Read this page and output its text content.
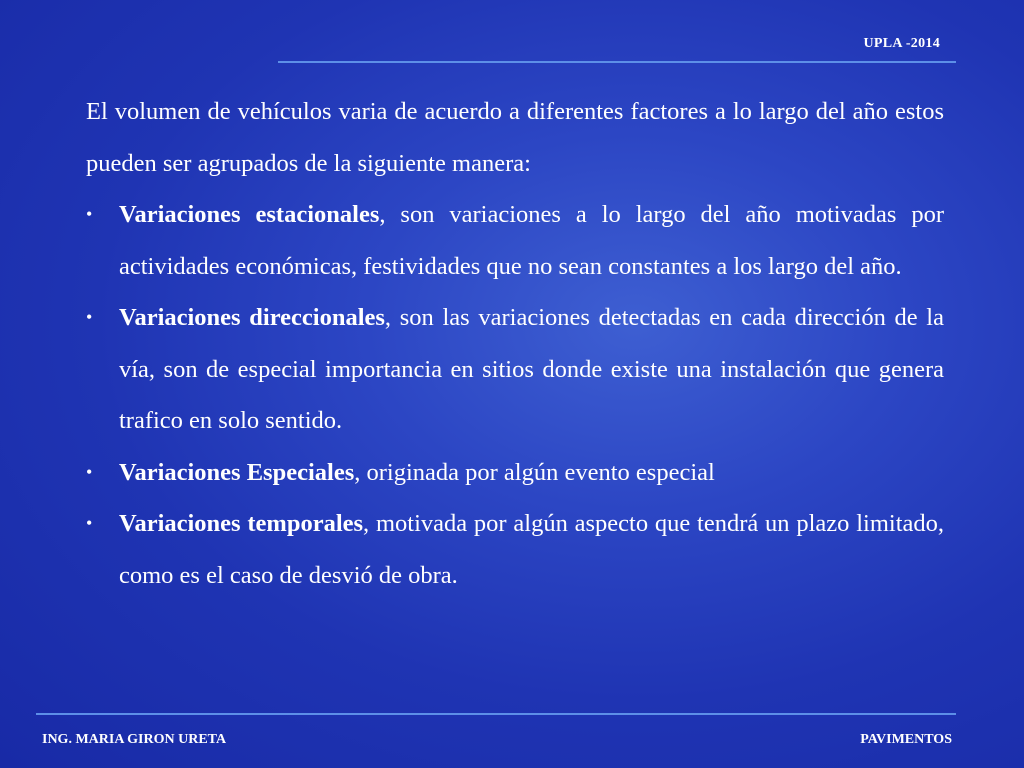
UPLA -2014

El volumen de vehículos varia de acuerdo a diferentes factores a lo largo del año estos pueden ser agrupados de la siguiente manera:

• Variaciones estacionales, son variaciones a lo largo del año motivadas por actividades económicas, festividades que no sean constantes a los largo del año.
• Variaciones direccionales, son las variaciones detectadas en cada dirección de la vía, son de especial importancia en sitios donde existe una instalación que genera trafico en solo sentido.
• Variaciones Especiales, originada por algún evento especial
• Variaciones temporales, motivada por algún aspecto que tendrá un plazo limitado, como es el caso de desvió de obra.
ING. MARIA GIRON URETA	PAVIMENTOS
